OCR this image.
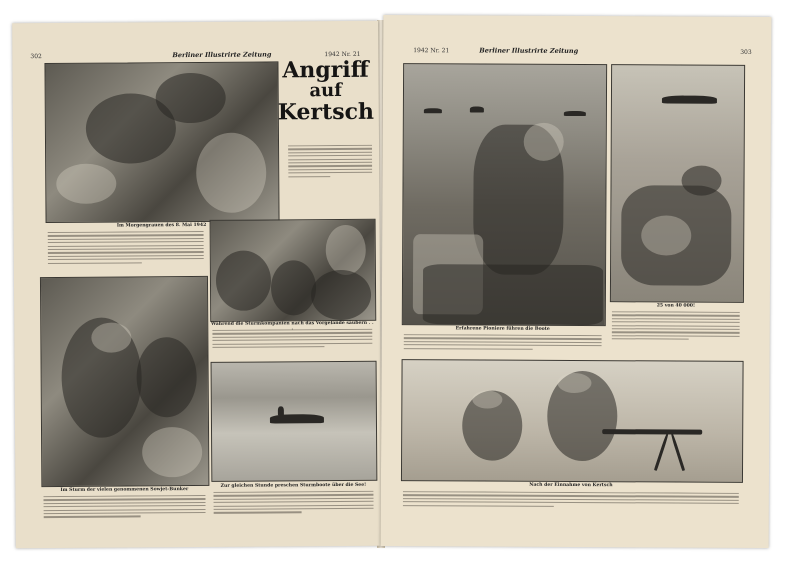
302	Berliner Illustrirte Zeitung	1942 Nr. 21
Im Morgengrauen des 8. Mai 1942
Angriff
auf
Kertsch
Während die Sturmkompanien nach das Vorgelände säubern . .
Im Sturm der vielen genommenen Sowjet-Bunker
Zur gleichen Stunde preschen Sturmboote über die See!
1942 Nr. 21	Berliner Illustrirte Zeitung	303
Erfahrene Pioniere führen die Boote
25 von 40 000!
Nach der Einnahme von Kertsch
